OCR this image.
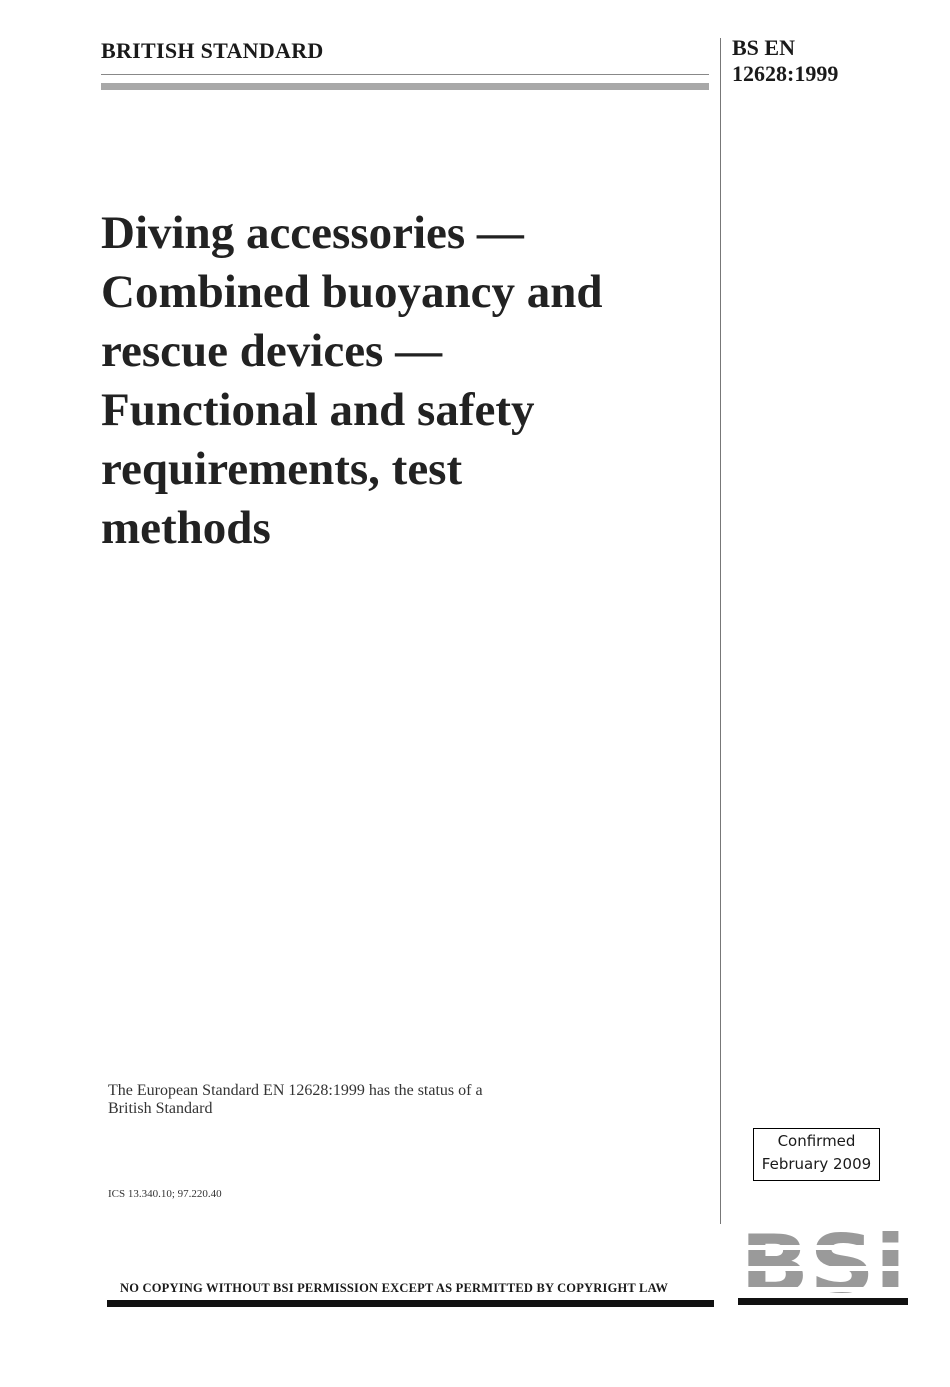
BRITISH STANDARD	BS EN
12628:1999
Diving accessories —
Combined buoyancy and
rescue devices —
Functional and safety
requirements, test
methods
The European Standard EN 12628:1999 has the status of a
British Standard
ICS 13.340.10; 97.220.40
Confirmed
February 2009
NO COPYING WITHOUT BSI PERMISSION EXCEPT AS PERMITTED BY COPYRIGHT LAW BSi
